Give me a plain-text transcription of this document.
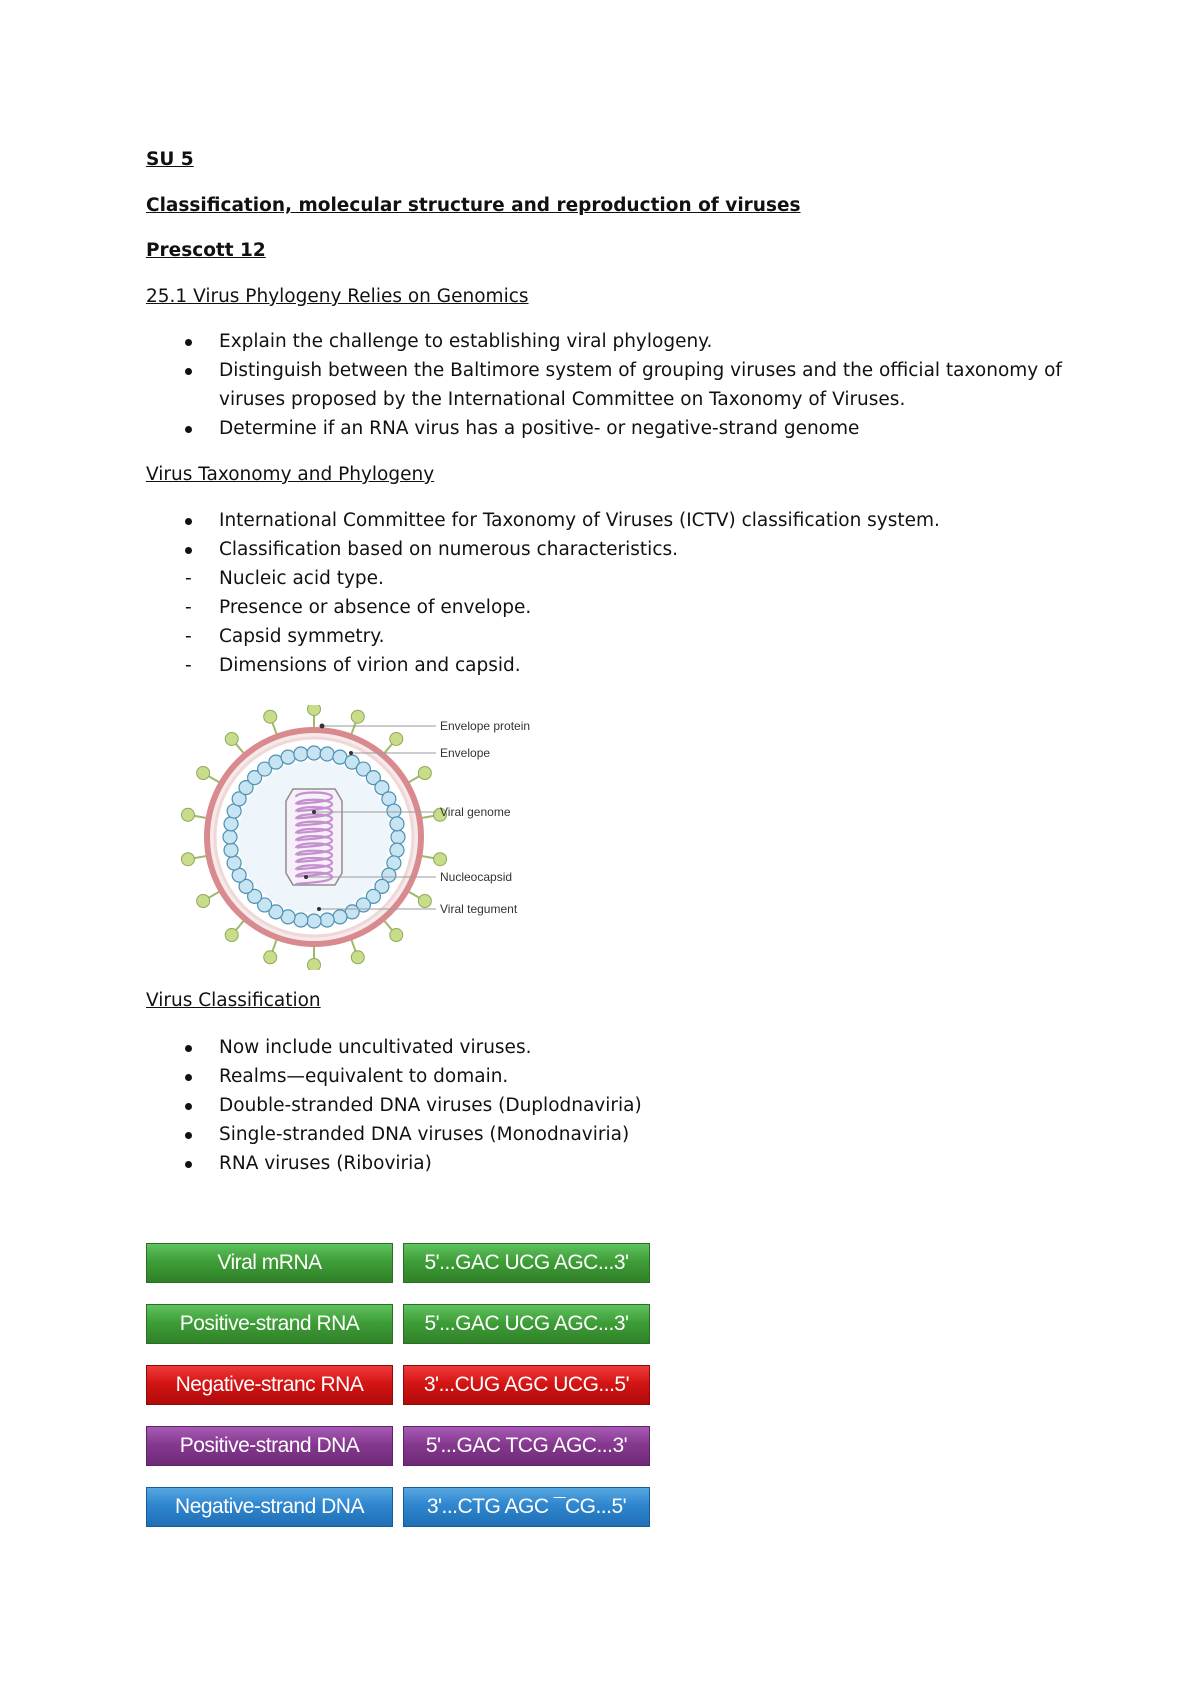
SU 5
Classification, molecular structure and reproduction of viruses
Prescott 12
25.1 Virus Phylogeny Relies on Genomics
Explain the challenge to establishing viral phylogeny.
Distinguish between the Baltimore system of grouping viruses and the official taxonomy of
viruses proposed by the International Committee on Taxonomy of Viruses.
Determine if an RNA virus has a positive- or negative-strand genome
Virus Taxonomy and Phylogeny
International Committee for Taxonomy of Viruses (ICTV) classification system.
Classification based on numerous characteristics.
- Nucleic acid type.
- Presence or absence of envelope.
- Capsid symmetry.
- Dimensions of virion and capsid.
Envelope protein
Envelope
Viral genome
Nucleocapsid
Viral tegument
Virus Classification
Now include uncultivated viruses.
Realms—equivalent to domain.
Double-stranded DNA viruses (Duplodnaviria)
Single-stranded DNA viruses (Monodnaviria)
RNA viruses (Riboviria)
Viral mRNA	5'...GAC UCG AGC...3'
Positive-strand RNA	5'...GAC UCG AGC...3'
Negative-stranc RNA	3'...CUG AGC UCG...5'
Positive-strand DNA	5'...GAC TCG AGC...3'
Negative-strand DNA	3'...CTG AGC ¯CG...5'
